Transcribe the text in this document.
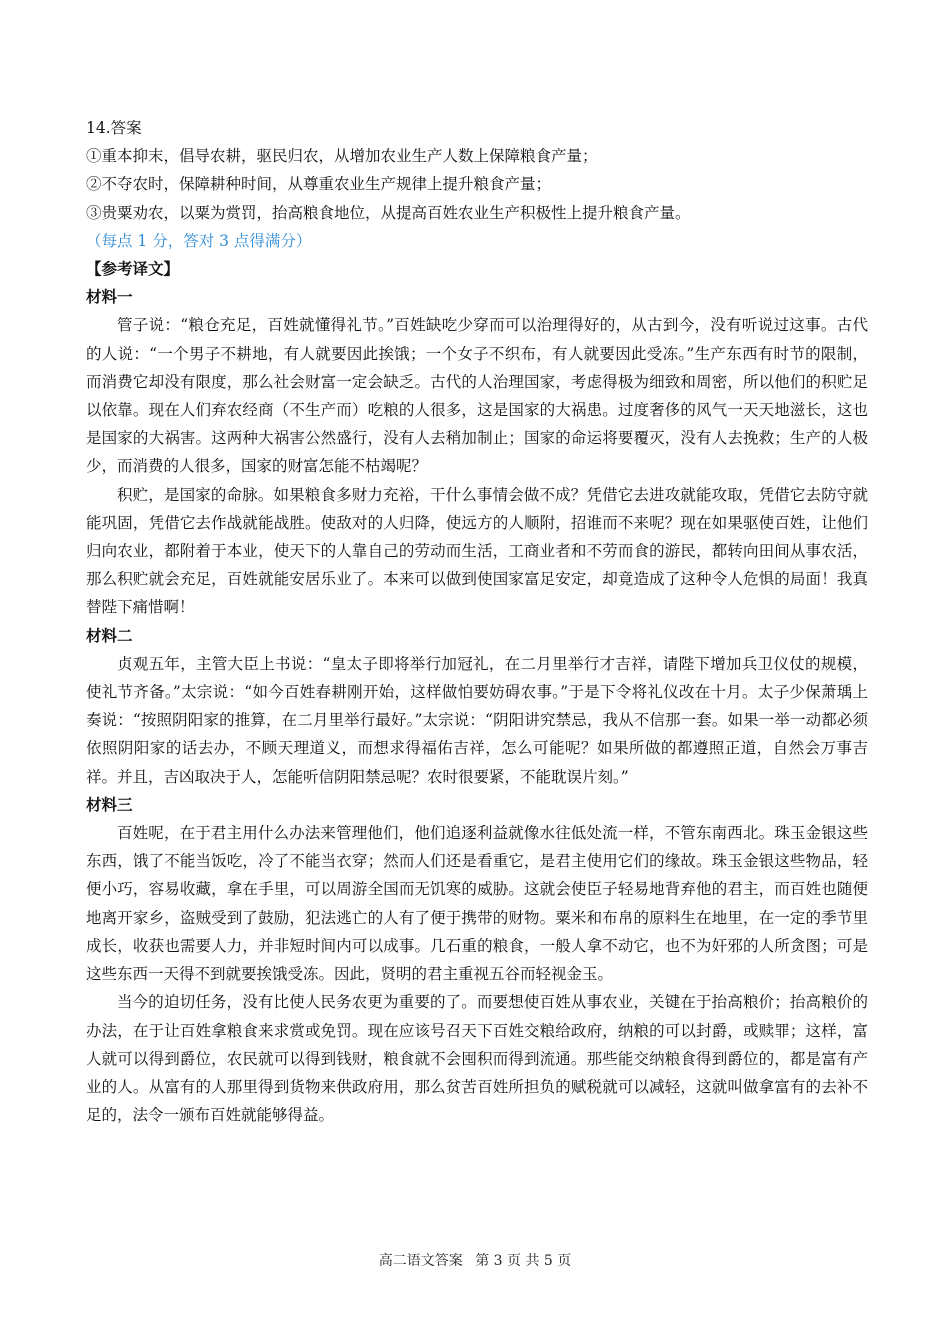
14.答案
①重本抑末，倡导农耕，驱民归农，从增加农业生产人数上保障粮食产量；
②不夺农时，保障耕种时间，从尊重农业生产规律上提升粮食产量；
③贵粟劝农，以粟为赏罚，抬高粮食地位，从提高百姓农业生产积极性上提升粮食产量。
（每点 1 分，答对 3 点得满分）
【参考译文】
材料一

管子说：“粮仓充足，百姓就懂得礼节。”百姓缺吃少穿而可以治理得好的，从古到今，没有听说过这事。古代的人说：“一个男子不耕地，有人就要因此挨饿；一个女子不织布，有人就要因此受冻。”生产东西有时节的限制，而消费它却没有限度，那么社会财富一定会缺乏。古代的人治理国家，考虑得极为细致和周密，所以他们的积贮足以依靠。现在人们弃农经商（不生产而）吃粮的人很多，这是国家的大祸患。过度奢侈的风气一天天地滋长，这也是国家的大祸害。这两种大祸害公然盛行，没有人去稍加制止；国家的命运将要覆灭，没有人去挽救；生产的人极少，而消费的人很多，国家的财富怎能不枯竭呢？

积贮，是国家的命脉。如果粮食多财力充裕，干什么事情会做不成？凭借它去进攻就能攻取，凭借它去防守就能巩固，凭借它去作战就能战胜。使敌对的人归降，使远方的人顺附，招谁而不来呢？现在如果驱使百姓，让他们归向农业，都附着于本业，使天下的人靠自己的劳动而生活，工商业者和不劳而食的游民，都转向田间从事农活，那么积贮就会充足，百姓就能安居乐业了。本来可以做到使国家富足安定，却竟造成了这种令人危惧的局面！我真替陛下痛惜啊！

材料二

贞观五年，主管大臣上书说：“皇太子即将举行加冠礼，在二月里举行才吉祥，请陛下增加兵卫仪仗的规模，使礼节齐备。”太宗说：“如今百姓春耕刚开始，这样做怕要妨碍农事。”于是下令将礼仪改在十月。太子少保萧瑀上奏说：“按照阴阳家的推算，在二月里举行最好。”太宗说：“阴阳讲究禁忌，我从不信那一套。如果一举一动都必须依照阴阳家的话去办，不顾天理道义，而想求得福佑吉祥，怎么可能呢？如果所做的都遵照正道，自然会万事吉祥。并且，吉凶取决于人，怎能听信阴阳禁忌呢？农时很要紧，不能耽误片刻。”

材料三

百姓呢，在于君主用什么办法来管理他们，他们追逐利益就像水往低处流一样，不管东南西北。珠玉金银这些东西，饿了不能当饭吃，冷了不能当衣穿；然而人们还是看重它，是君主使用它们的缘故。珠玉金银这些物品，轻便小巧，容易收藏，拿在手里，可以周游全国而无饥寒的威胁。这就会使臣子轻易地背弃他的君主，而百姓也随便地离开家乡，盗贼受到了鼓励，犯法逃亡的人有了便于携带的财物。粟米和布帛的原料生在地里，在一定的季节里成长，收获也需要人力，并非短时间内可以成事。几石重的粮食，一般人拿不动它，也不为奸邪的人所贪图；可是这些东西一天得不到就要挨饿受冻。因此，贤明的君主重视五谷而轻视金玉。

当今的迫切任务，没有比使人民务农更为重要的了。而要想使百姓从事农业，关键在于抬高粮价；抬高粮价的办法，在于让百姓拿粮食来求赏或免罚。现在应该号召天下百姓交粮给政府，纳粮的可以封爵，或赎罪；这样，富人就可以得到爵位，农民就可以得到钱财，粮食就不会囤积而得到流通。那些能交纳粮食得到爵位的，都是富有产业的人。从富有的人那里得到货物来供政府用，那么贫苦百姓所担负的赋税就可以减轻，这就叫做拿富有的去补不足的，法令一颁布百姓就能够得益。

高二语文答案 第 3 页 共 5 页
